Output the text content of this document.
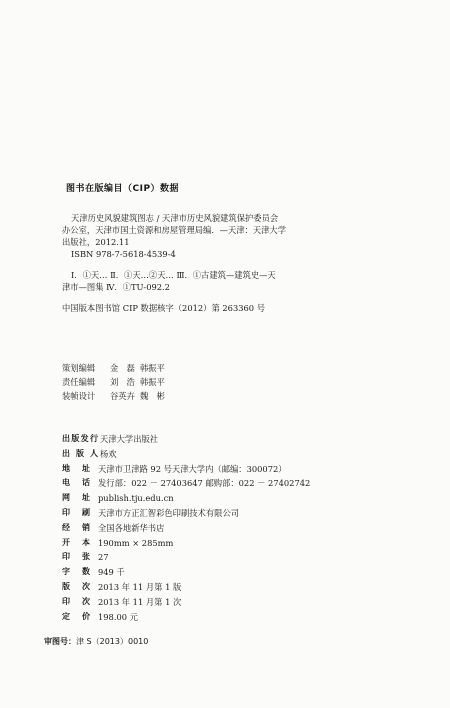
图书在版编目（CIP）数据

天津历史风貌建筑图志 / 天津市历史风貌建筑保护委员会

办公室，天津市国土资源和房屋管理局编．—天津：天津大学

出版社，2012.11

ISBN 978-7-5618-4539-4

Ⅰ．①天… Ⅱ．①天…②天… Ⅲ．①古建筑—建筑史—天

津市—图集 Ⅳ．①TU-092.2

中国版本图书馆 CIP 数据核字（2012）第 263360 号
策划编辑	金　磊 韩振平
责任编辑	刘　浩 韩振平
装帧设计	谷英卉 魏　彬
出 版 发 行 天津大学出版社
出 版 人 杨欢
地 址 天津市卫津路 92 号天津大学内（邮编：300072）
电 话 发行部：022 － 27403647 邮购部：022 － 27402742
网 址 publish.tju.edu.cn
印 刷 天津市方正汇智彩色印刷技术有限公司
经 销 全国各地新华书店
开 本 190mm × 285mm
印 张 27
字 数 949 千
版 次 2013 年 11 月第 1 版
印 次 2013 年 11 月第 1 次
定 价 198.00 元
审图号：津 S（2013）0010
